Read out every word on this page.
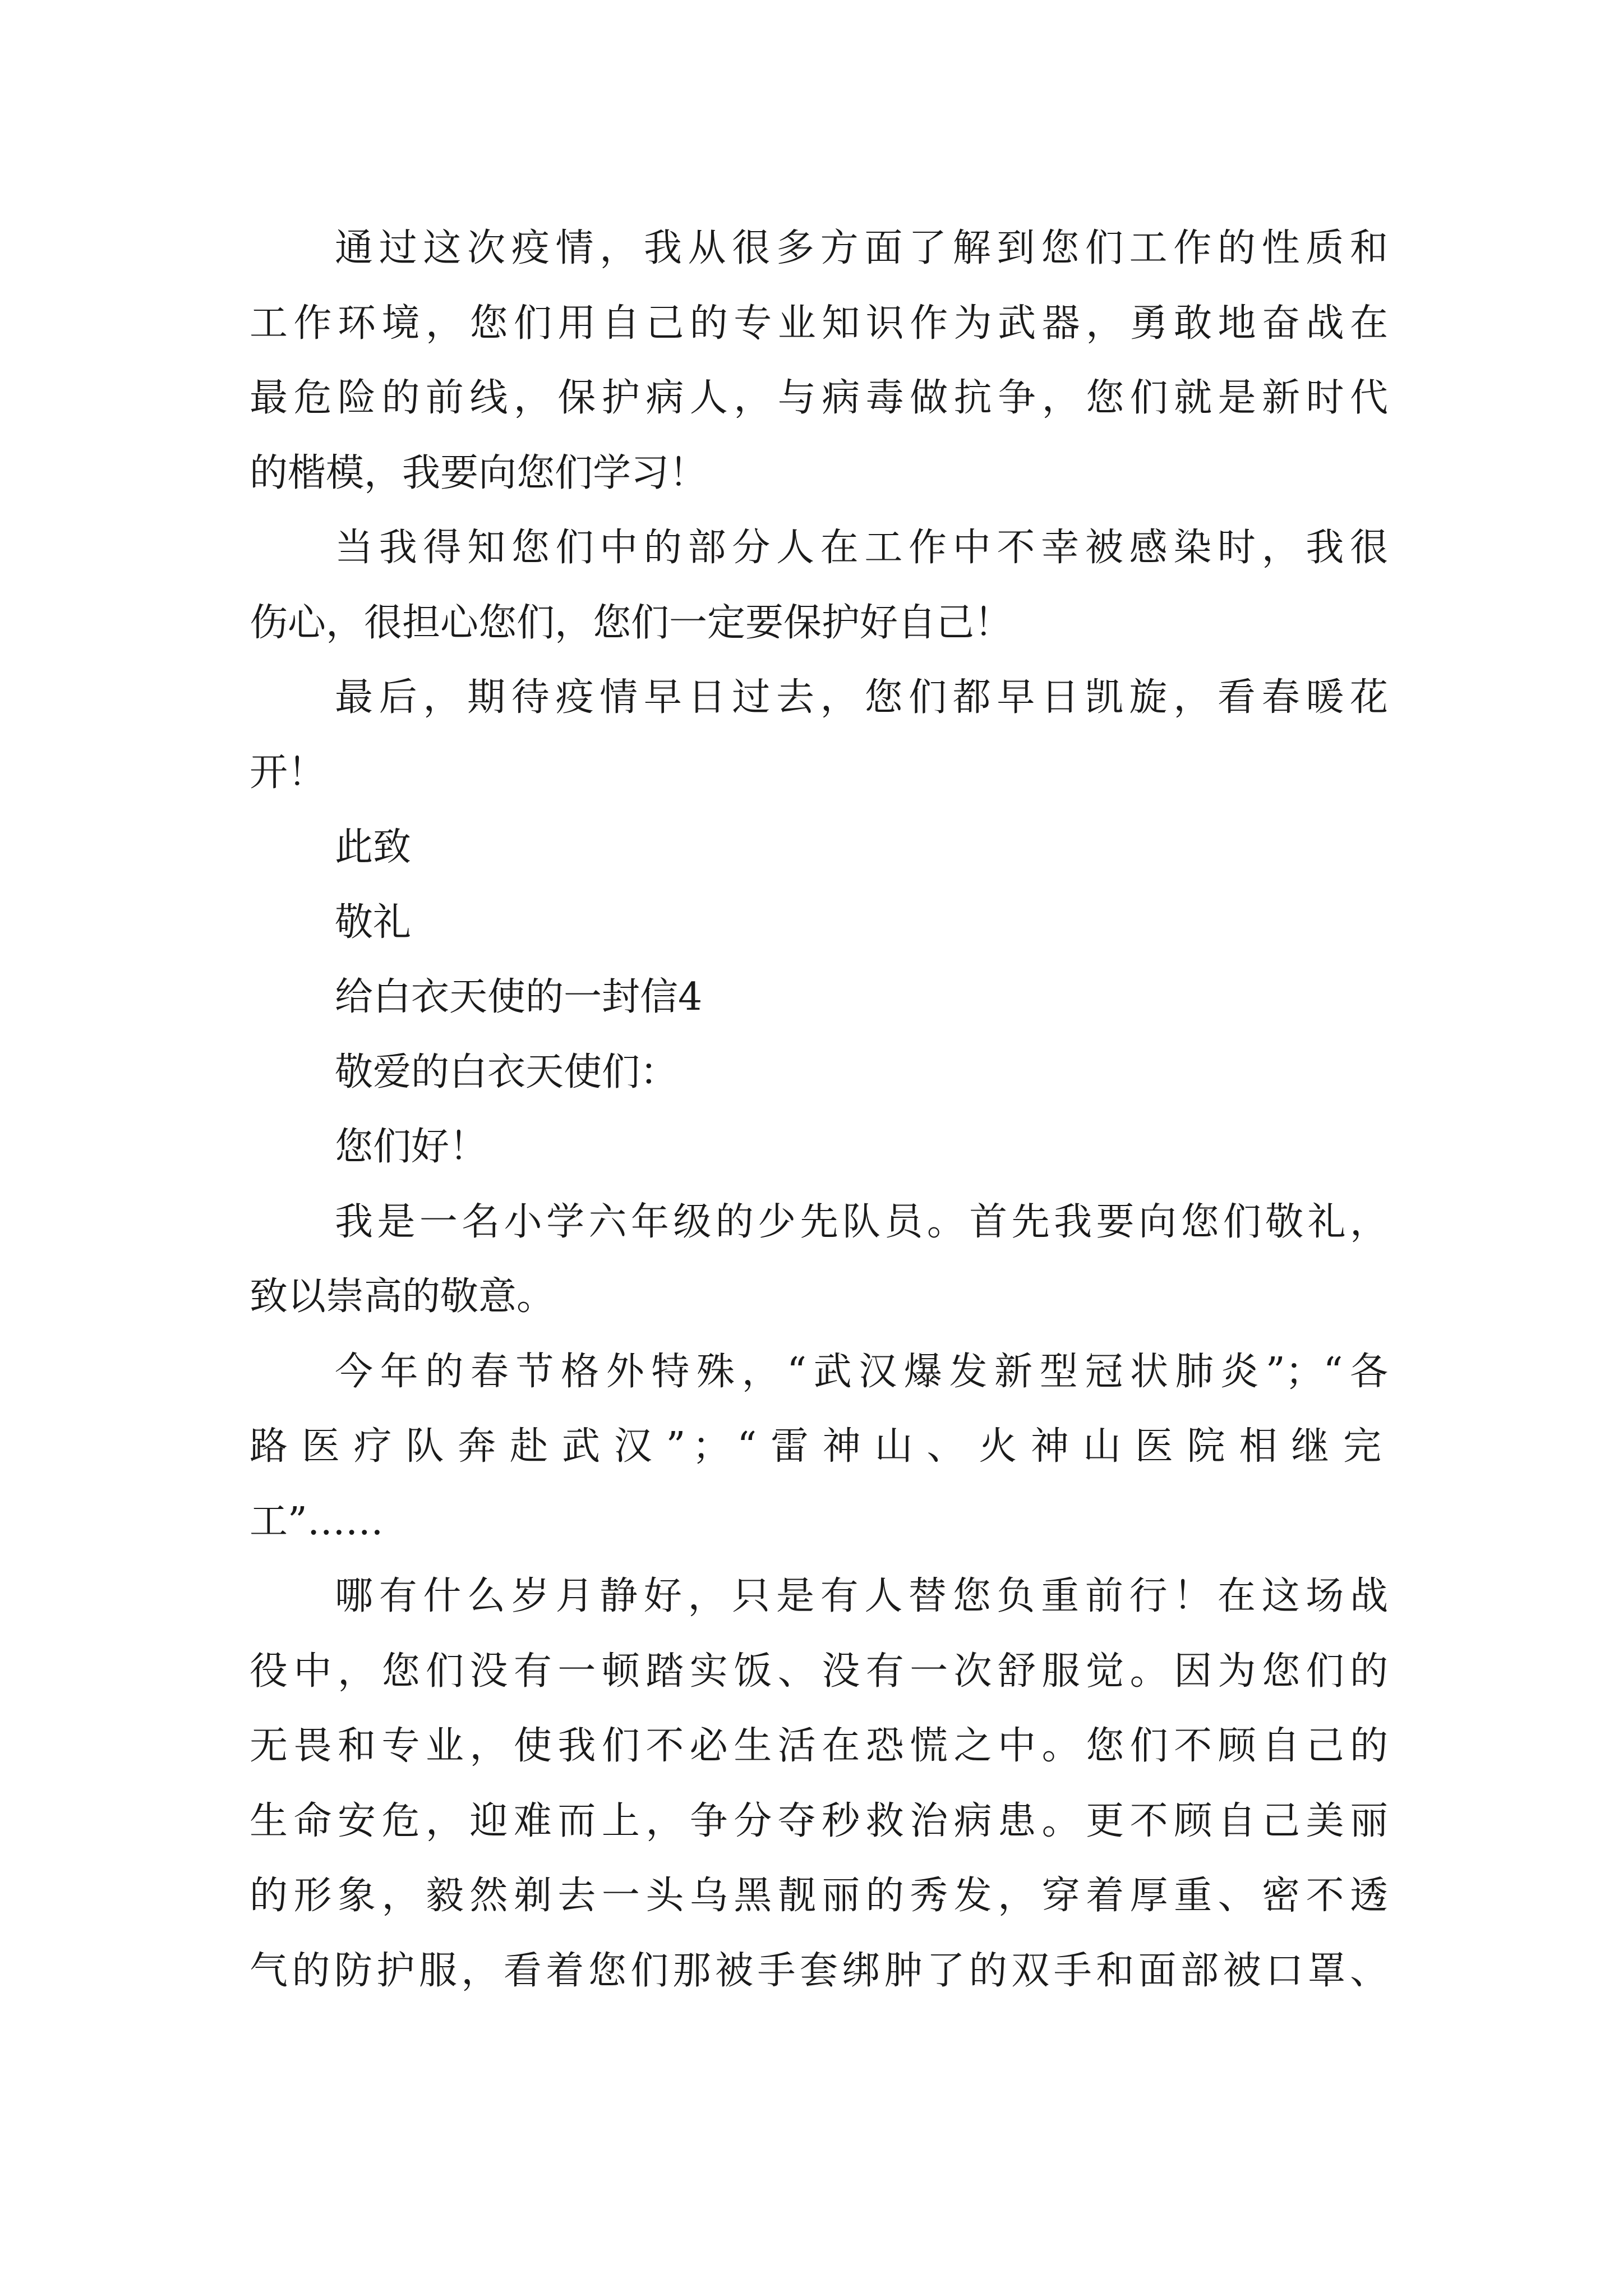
通过这次疫情，我从很多方面了解到您们工作的性质和
工作环境，您们用自己的专业知识作为武器，勇敢地奋战在
最危险的前线，保护病人，与病毒做抗争，您们就是新时代
的楷模，我要向您们学习！
当我得知您们中的部分人在工作中不幸被感染时，我很
伤心，很担心您们，您们一定要保护好自己！
最后，期待疫情早日过去，您们都早日凯旋，看春暖花
开！
此致
敬礼
给白衣天使的一封信4
敬爱的白衣天使们：
您们好！
我是一名小学六年级的少先队员。首先我要向您们敬礼，
致以崇高的敬意。
今年的春节格外特殊，“武汉爆发新型冠状肺炎”；“各
路医疗队奔赴武汉”；“雷神山、火神山医院相继完
工”……
哪有什么岁月静好，只是有人替您负重前行！在这场战
役中，您们没有一顿踏实饭、没有一次舒服觉。因为您们的
无畏和专业，使我们不必生活在恐慌之中。您们不顾自己的
生命安危，迎难而上，争分夺秒救治病患。更不顾自己美丽
的形象，毅然剃去一头乌黑靓丽的秀发，穿着厚重、密不透
气的防护服，看着您们那被手套绑肿了的双手和面部被口罩、
